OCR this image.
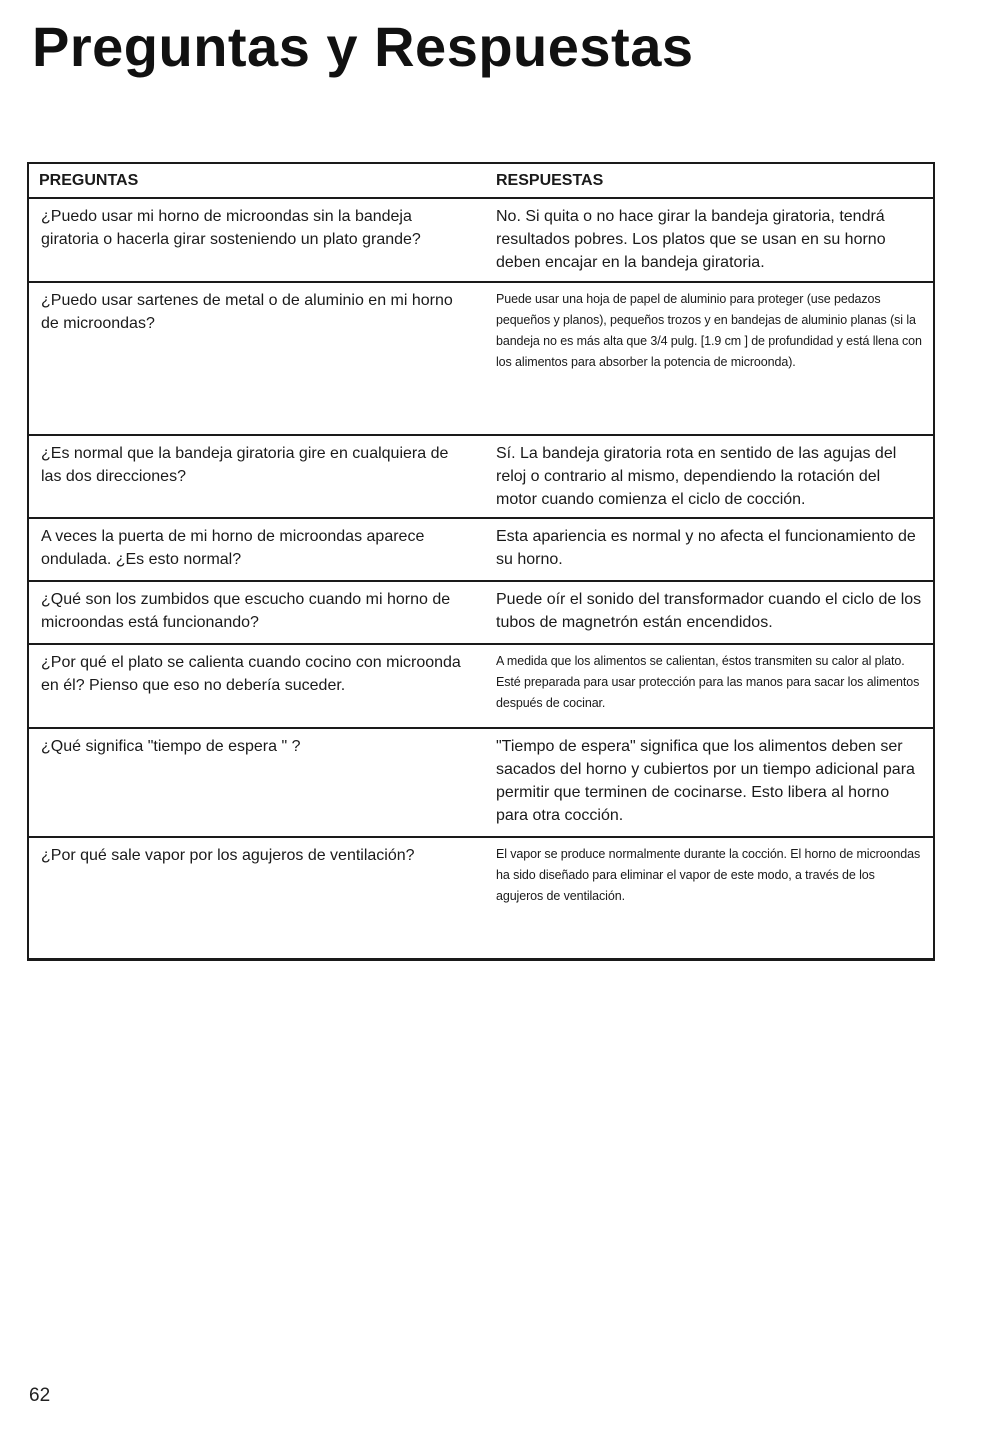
Preguntas y Respuestas
PREGUNTAS	RESPUESTAS
¿Puedo usar mi horno de microondas sin la bandeja giratoria o hacerla girar sosteniendo un plato grande?	No. Si quita o no hace girar la bandeja giratoria, tendrá resultados pobres. Los platos que se usan en su horno deben encajar en la bandeja giratoria.
¿Puedo usar sartenes de metal o de aluminio en mi horno de microondas?	Puede usar una hoja de papel de aluminio para proteger (use pedazos pequeños y planos), pequeños trozos y en bandejas de aluminio planas (si la bandeja no es más alta que 3/4 pulg. [1.9 cm ] de profundidad y está llena con los alimentos para absorber la potencia de microonda).
¿Es normal que la bandeja giratoria gire en cualquiera de las dos direcciones?	Sí. La bandeja giratoria rota en sentido de las agujas del reloj o contrario al mismo, dependiendo la rotación del motor cuando comienza el ciclo de cocción.
A veces la puerta de mi horno de microondas aparece ondulada. ¿Es esto normal?	Esta apariencia es normal y no afecta el funcionamiento de su horno.
¿Qué son los zumbidos que escucho cuando mi horno de microondas está funcionando?	Puede oír el sonido del transformador cuando el ciclo de los tubos de magnetrón están encendidos.
¿Por qué el plato se calienta cuando cocino con microonda en él? Pienso que eso no debería suceder.	A medida que los alimentos se calientan, éstos transmiten su calor al plato. Esté preparada para usar protección para las manos para sacar los alimentos después de cocinar.
¿Qué significa "tiempo de espera " ?	"Tiempo de espera" significa que los alimentos deben ser sacados del horno y cubiertos por un tiempo adicional para permitir que terminen de cocinarse. Esto libera al horno para otra cocción.
¿Por qué sale vapor por los agujeros de ventilación?	El vapor se produce normalmente durante la cocción. El horno de microondas ha sido diseñado para eliminar el vapor de este modo, a través de los agujeros de ventilación.
62
